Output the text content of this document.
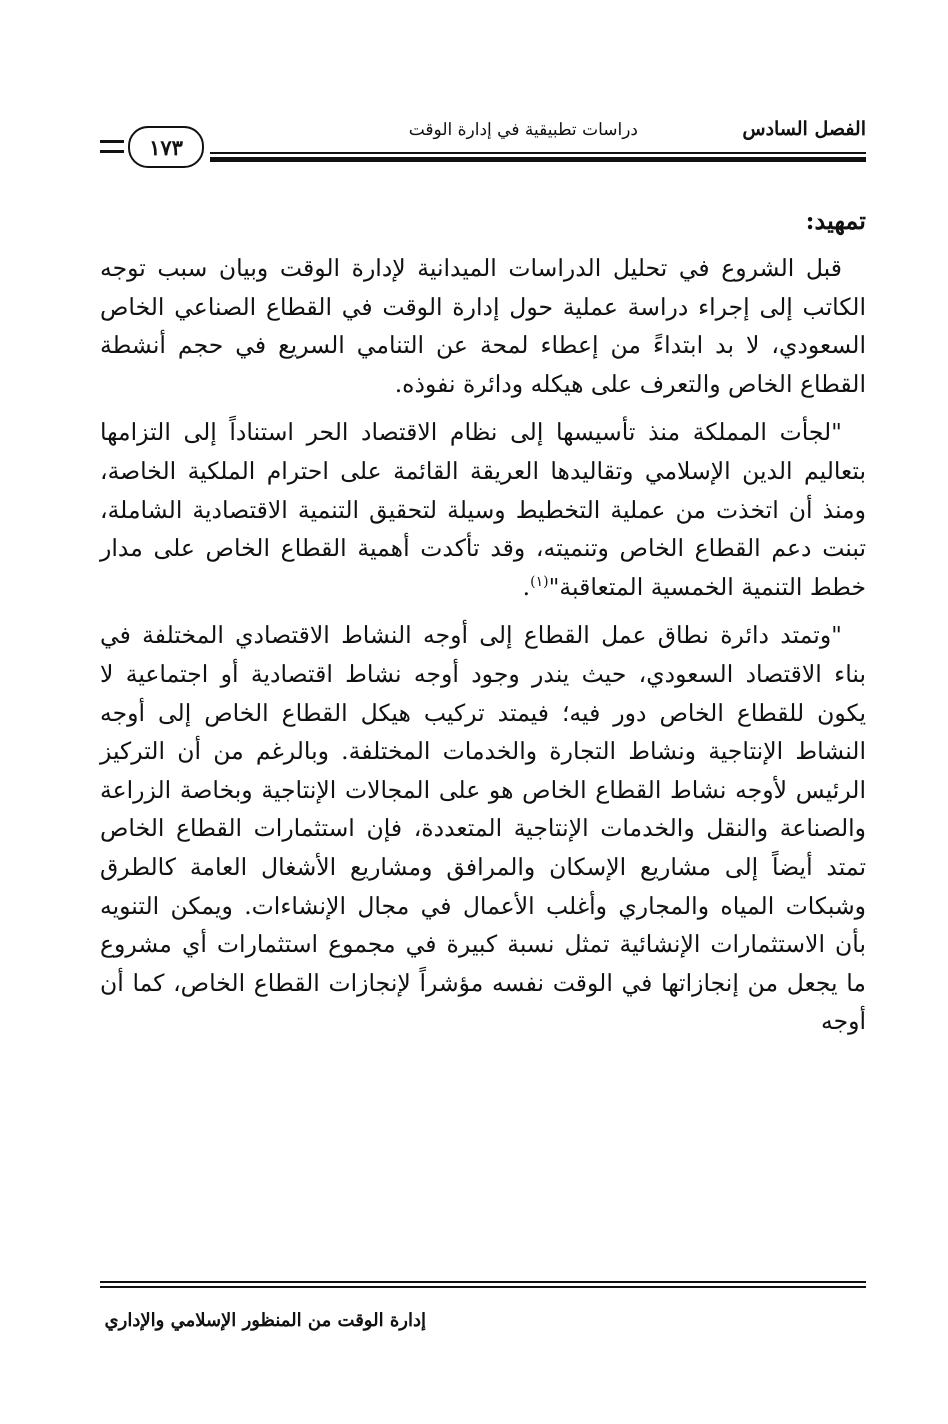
الفصل السادس
دراسات تطبيقية في إدارة الوقت
١٧٣
تمهيد:

قبل الشروع في تحليل الدراسات الميدانية لإدارة الوقت وبيان سبب توجه الكاتب إلى إجراء دراسة عملية حول إدارة الوقت في القطاع الصناعي الخاص السعودي، لا بد ابتداءً من إعطاء لمحة عن التنامي السريع في حجم أنشطة القطاع الخاص والتعرف على هيكله ودائرة نفوذه.

"لجأت المملكة منذ تأسيسها إلى نظام الاقتصاد الحر استناداً إلى التزامها بتعاليم الدين الإسلامي وتقاليدها العريقة القائمة على احترام الملكية الخاصة، ومنذ أن اتخذت من عملية التخطيط وسيلة لتحقيق التنمية الاقتصادية الشاملة، تبنت دعم القطاع الخاص وتنميته، وقد تأكدت أهمية القطاع الخاص على مدار خطط التنمية الخمسية المتعاقبة"$^{(١)}$.

"وتمتد دائرة نطاق عمل القطاع إلى أوجه النشاط الاقتصادي المختلفة في بناء الاقتصاد السعودي، حيث يندر وجود أوجه نشاط اقتصادية أو اجتماعية لا يكون للقطاع الخاص دور فيه؛ فيمتد تركيب هيكل القطاع الخاص إلى أوجه النشاط الإنتاجية ونشاط التجارة والخدمات المختلفة. وبالرغم من أن التركيز الرئيس لأوجه نشاط القطاع الخاص هو على المجالات الإنتاجية وبخاصة الزراعة والصناعة والنقل والخدمات الإنتاجية المتعددة، فإن استثمارات القطاع الخاص تمتد أيضاً إلى مشاريع الإسكان والمرافق ومشاريع الأشغال العامة كالطرق وشبكات المياه والمجاري وأغلب الأعمال في مجال الإنشاءات. ويمكن التنويه بأن الاستثمارات الإنشائية تمثل نسبة كبيرة في مجموع استثمارات أي مشروع ما يجعل من إنجازاتها في الوقت نفسه مؤشراً لإنجازات القطاع الخاص، كما أن أوجه

إدارة الوقت من المنظور الإسلامي والإداري
